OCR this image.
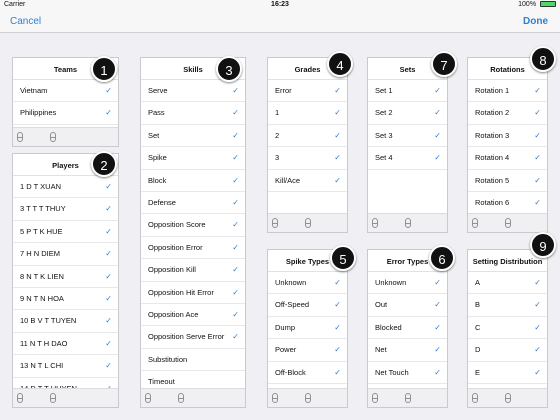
Carrier	16:23	100%
Cancel	Done
Teams
Vietnam	✓
Philippines	✓
Players
1 D T XUAN	✓
3 T T T THUY	✓
5 P T K HUE	✓
7 H N DIEM	✓
8 N T K LIEN	✓
9 N T N HOA	✓
10 B V T TUYEN	✓
11 N T H DAO	✓
13 N T L CHI	✓
Skills
Serve	✓
Pass	✓
Set	✓
Spike	✓
Block	✓
Defense	✓
Opposition Score	✓
Opposition Error	✓
Opposition Kill	✓
Opposition Hit Error ✓
Opposition Ace	✓
Opposition Serve Error ✓
Substitution
Timeout
Grades
Error	✓
1	✓
2	✓
3	✓
Kill/Ace	✓
Sets
Set 1	✓
Set 2	✓
Set 3	✓
Set 4	✓
Rotations
Rotation 1	✓
Rotation 2	✓
Rotation 3	✓
Rotation 4	✓
Rotation 5	✓
Rotation 6	✓
Spike Types
Unknown	✓
Off-Speed	✓
Dump	✓
Power	✓
Off-Block	✓
Error Types
Unknown	✓
Out	✓
Blocked	✓
Net	✓
Net Touch	✓
Setting Distribution
A	✓
B	✓
C	✓
D	✓
E	✓
1
2
3	4	7	8
5	6
9
